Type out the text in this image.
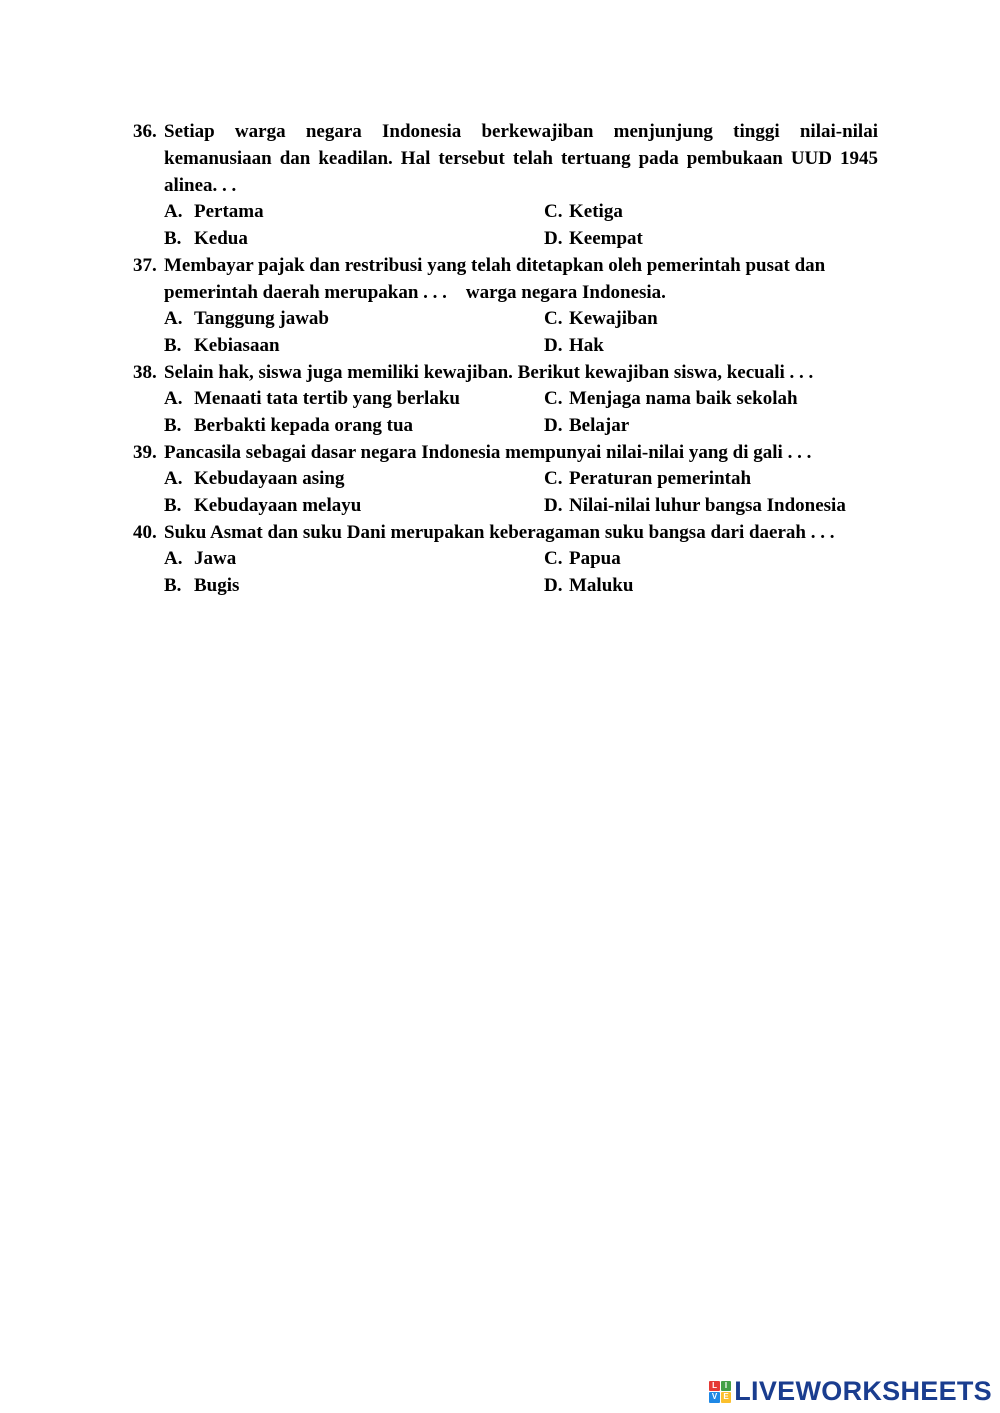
36. Setiap warga negara Indonesia berkewajiban menjunjung tinggi nilai-nilai kemanusiaan dan keadilan. Hal tersebut telah tertuang pada pembukaan UUD 1945 alinea. . .
A. Pertama	C. Ketiga
B. Kedua	D. Keempat
37. Membayar pajak dan restribusi yang telah ditetapkan oleh pemerintah pusat dan pemerintah daerah merupakan . . .    warga negara Indonesia.
A. Tanggung jawab	C. Kewajiban
B. Kebiasaan	D. Hak
38. Selain hak, siswa juga memiliki kewajiban. Berikut kewajiban siswa, kecuali . . .
A. Menaati tata tertib yang berlaku	C. Menjaga nama baik sekolah
B. Berbakti kepada orang tua	D. Belajar
39. Pancasila sebagai dasar negara Indonesia mempunyai nilai-nilai yang di gali . . .
A. Kebudayaan asing	C. Peraturan pemerintah
B. Kebudayaan melayu	D. Nilai-nilai luhur bangsa Indonesia
40. Suku Asmat dan suku Dani merupakan keberagaman suku bangsa dari daerah . . .
A. Jawa	C. Papua
B. Bugis	D. Maluku
L I
V E LIVEWORKSHEETS
